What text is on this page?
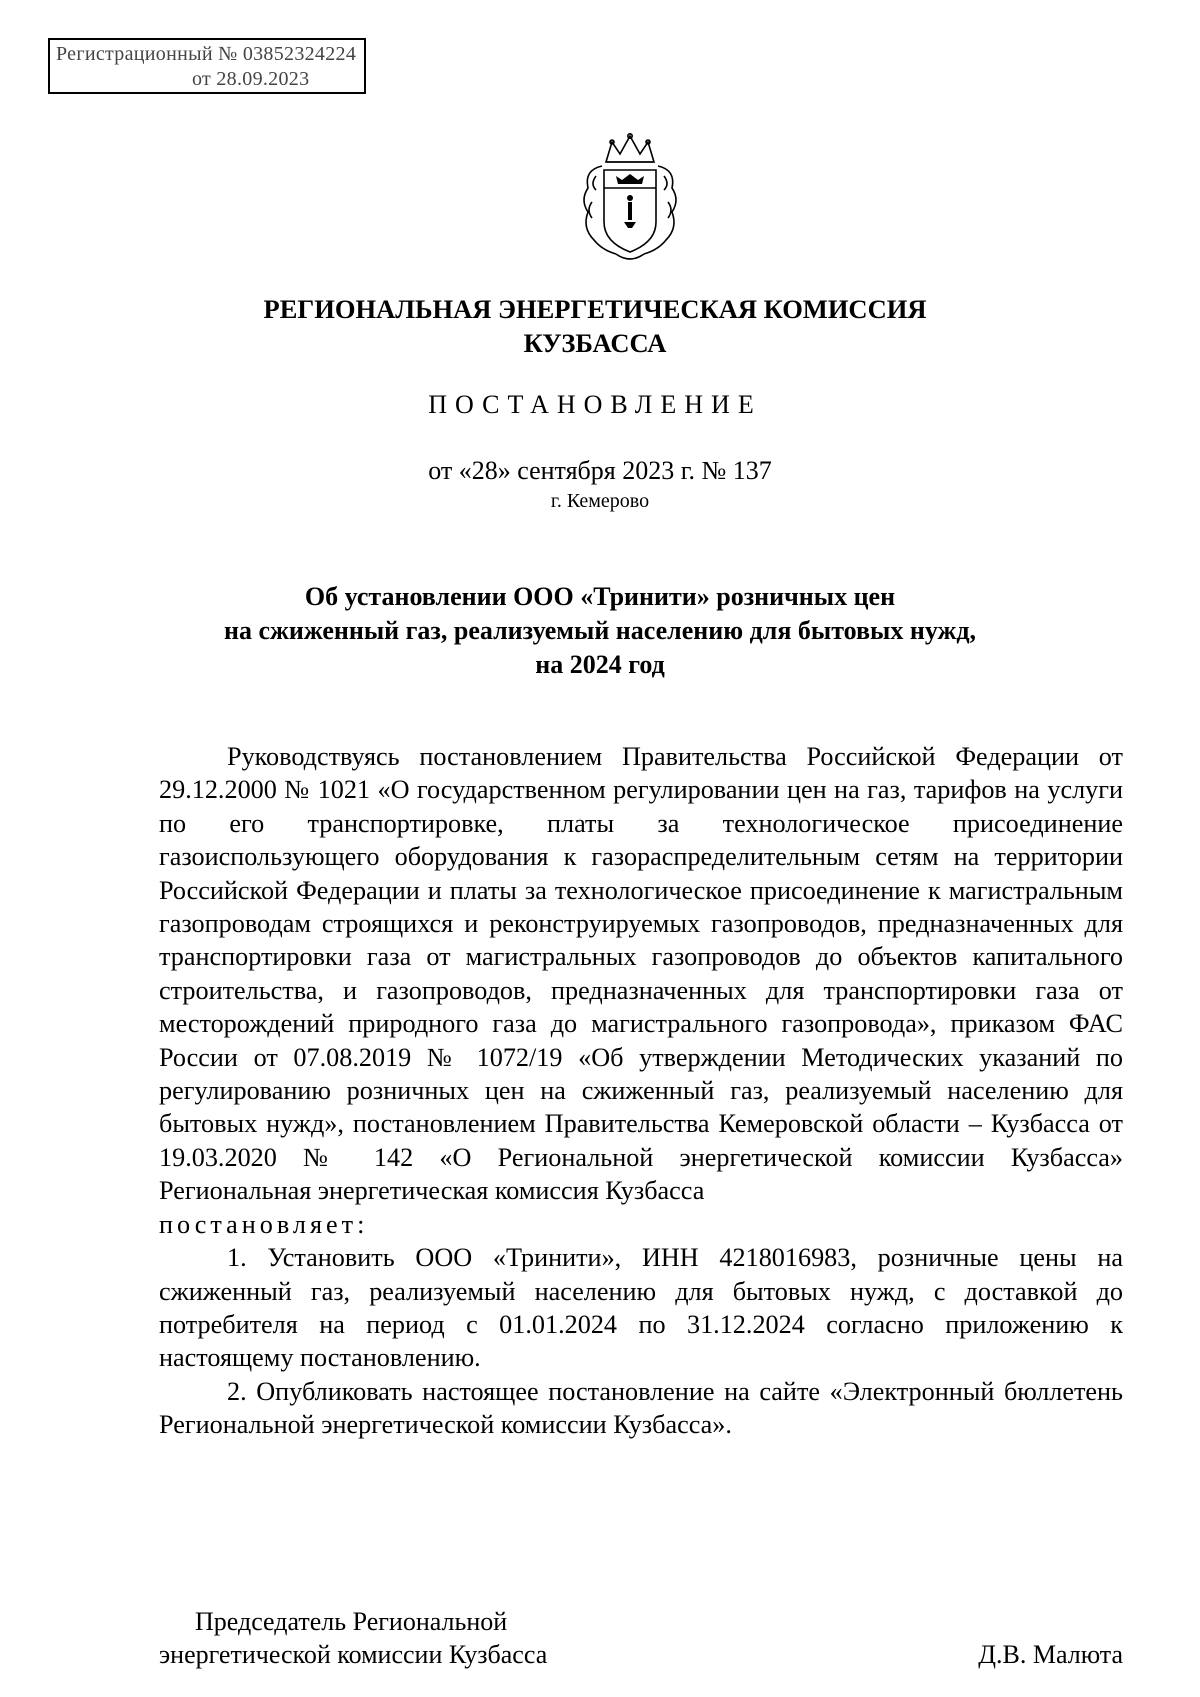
Регистрационный № 03852324224
от 28.09.2023
РЕГИОНАЛЬНАЯ ЭНЕРГЕТИЧЕСКАЯ КОМИССИЯ
КУЗБАССА
ПОСТАНОВЛЕНИЕ
от «28» сентября 2023 г. № 137
г. Кемерово
Об установлении ООО «Тринити» розничных цен
на сжиженный газ, реализуемый населению для бытовых нужд,
на 2024 год

Руководствуясь постановлением Правительства Российской Федерации от 29.12.2000 № 1021 «О государственном регулировании цен на газ, тарифов на услуги по его транспортировке, платы за технологическое присоединение газоиспользующего оборудования к газораспределительным сетям на территории Российской Федерации и платы за технологическое присоединение к магистральным газопроводам строящихся и реконструируемых газопроводов, предназначенных для транспортировки газа от магистральных газопроводов до объектов капитального строительства, и газопроводов, предназначенных для транспортировки газа от месторождений природного газа до магистрального газопровода», приказом ФАС России от 07.08.2019 № 1072/19 «Об утверждении Методических указаний по регулированию розничных цен на сжиженный газ, реализуемый населению для бытовых нужд», постановлением Правительства Кемеровской области – Кузбасса от 19.03.2020 № 142 «О Региональной энергетической комиссии Кузбасса» Региональная энергетическая комиссия Кузбасса

постановляет:

1. Установить ООО «Тринити», ИНН 4218016983, розничные цены на сжиженный газ, реализуемый населению для бытовых нужд, с доставкой до потребителя на период с 01.01.2024 по 31.12.2024 согласно приложению к настоящему постановлению.

2. Опубликовать настоящее постановление на сайте «Электронный бюллетень Региональной энергетической комиссии Кузбасса».

Председатель Региональной
энергетической комиссии Кузбасса	Д.В. Малюта
